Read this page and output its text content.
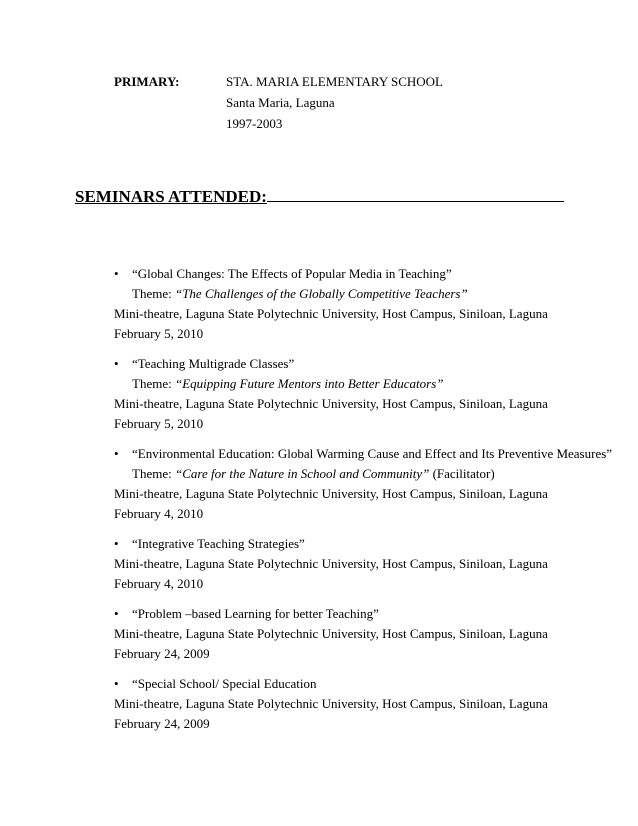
PRIMARY:	STA. MARIA ELEMENTARY SCHOOL
Santa Maria, Laguna
1997-2003
SEMINARS ATTENDED:
• “Global Changes: The Effects of Popular Media in Teaching”
Theme: “The Challenges of the Globally Competitive Teachers”
Mini-theatre, Laguna State Polytechnic University, Host Campus, Siniloan, Laguna
February 5, 2010
• “Teaching Multigrade Classes”
Theme: “Equipping Future Mentors into Better Educators”
Mini-theatre, Laguna State Polytechnic University, Host Campus, Siniloan, Laguna
February 5, 2010
• “Environmental Education: Global Warming Cause and Effect and Its Preventive Measures”
Theme: “Care for the Nature in School and Community” (Facilitator)
Mini-theatre, Laguna State Polytechnic University, Host Campus, Siniloan, Laguna
February 4, 2010
• “Integrative Teaching Strategies”
Mini-theatre, Laguna State Polytechnic University, Host Campus, Siniloan, Laguna
February 4, 2010
• “Problem –based Learning for better Teaching”
Mini-theatre, Laguna State Polytechnic University, Host Campus, Siniloan, Laguna
February 24, 2009
• “Special School/ Special Education
Mini-theatre, Laguna State Polytechnic University, Host Campus, Siniloan, Laguna
February 24, 2009
